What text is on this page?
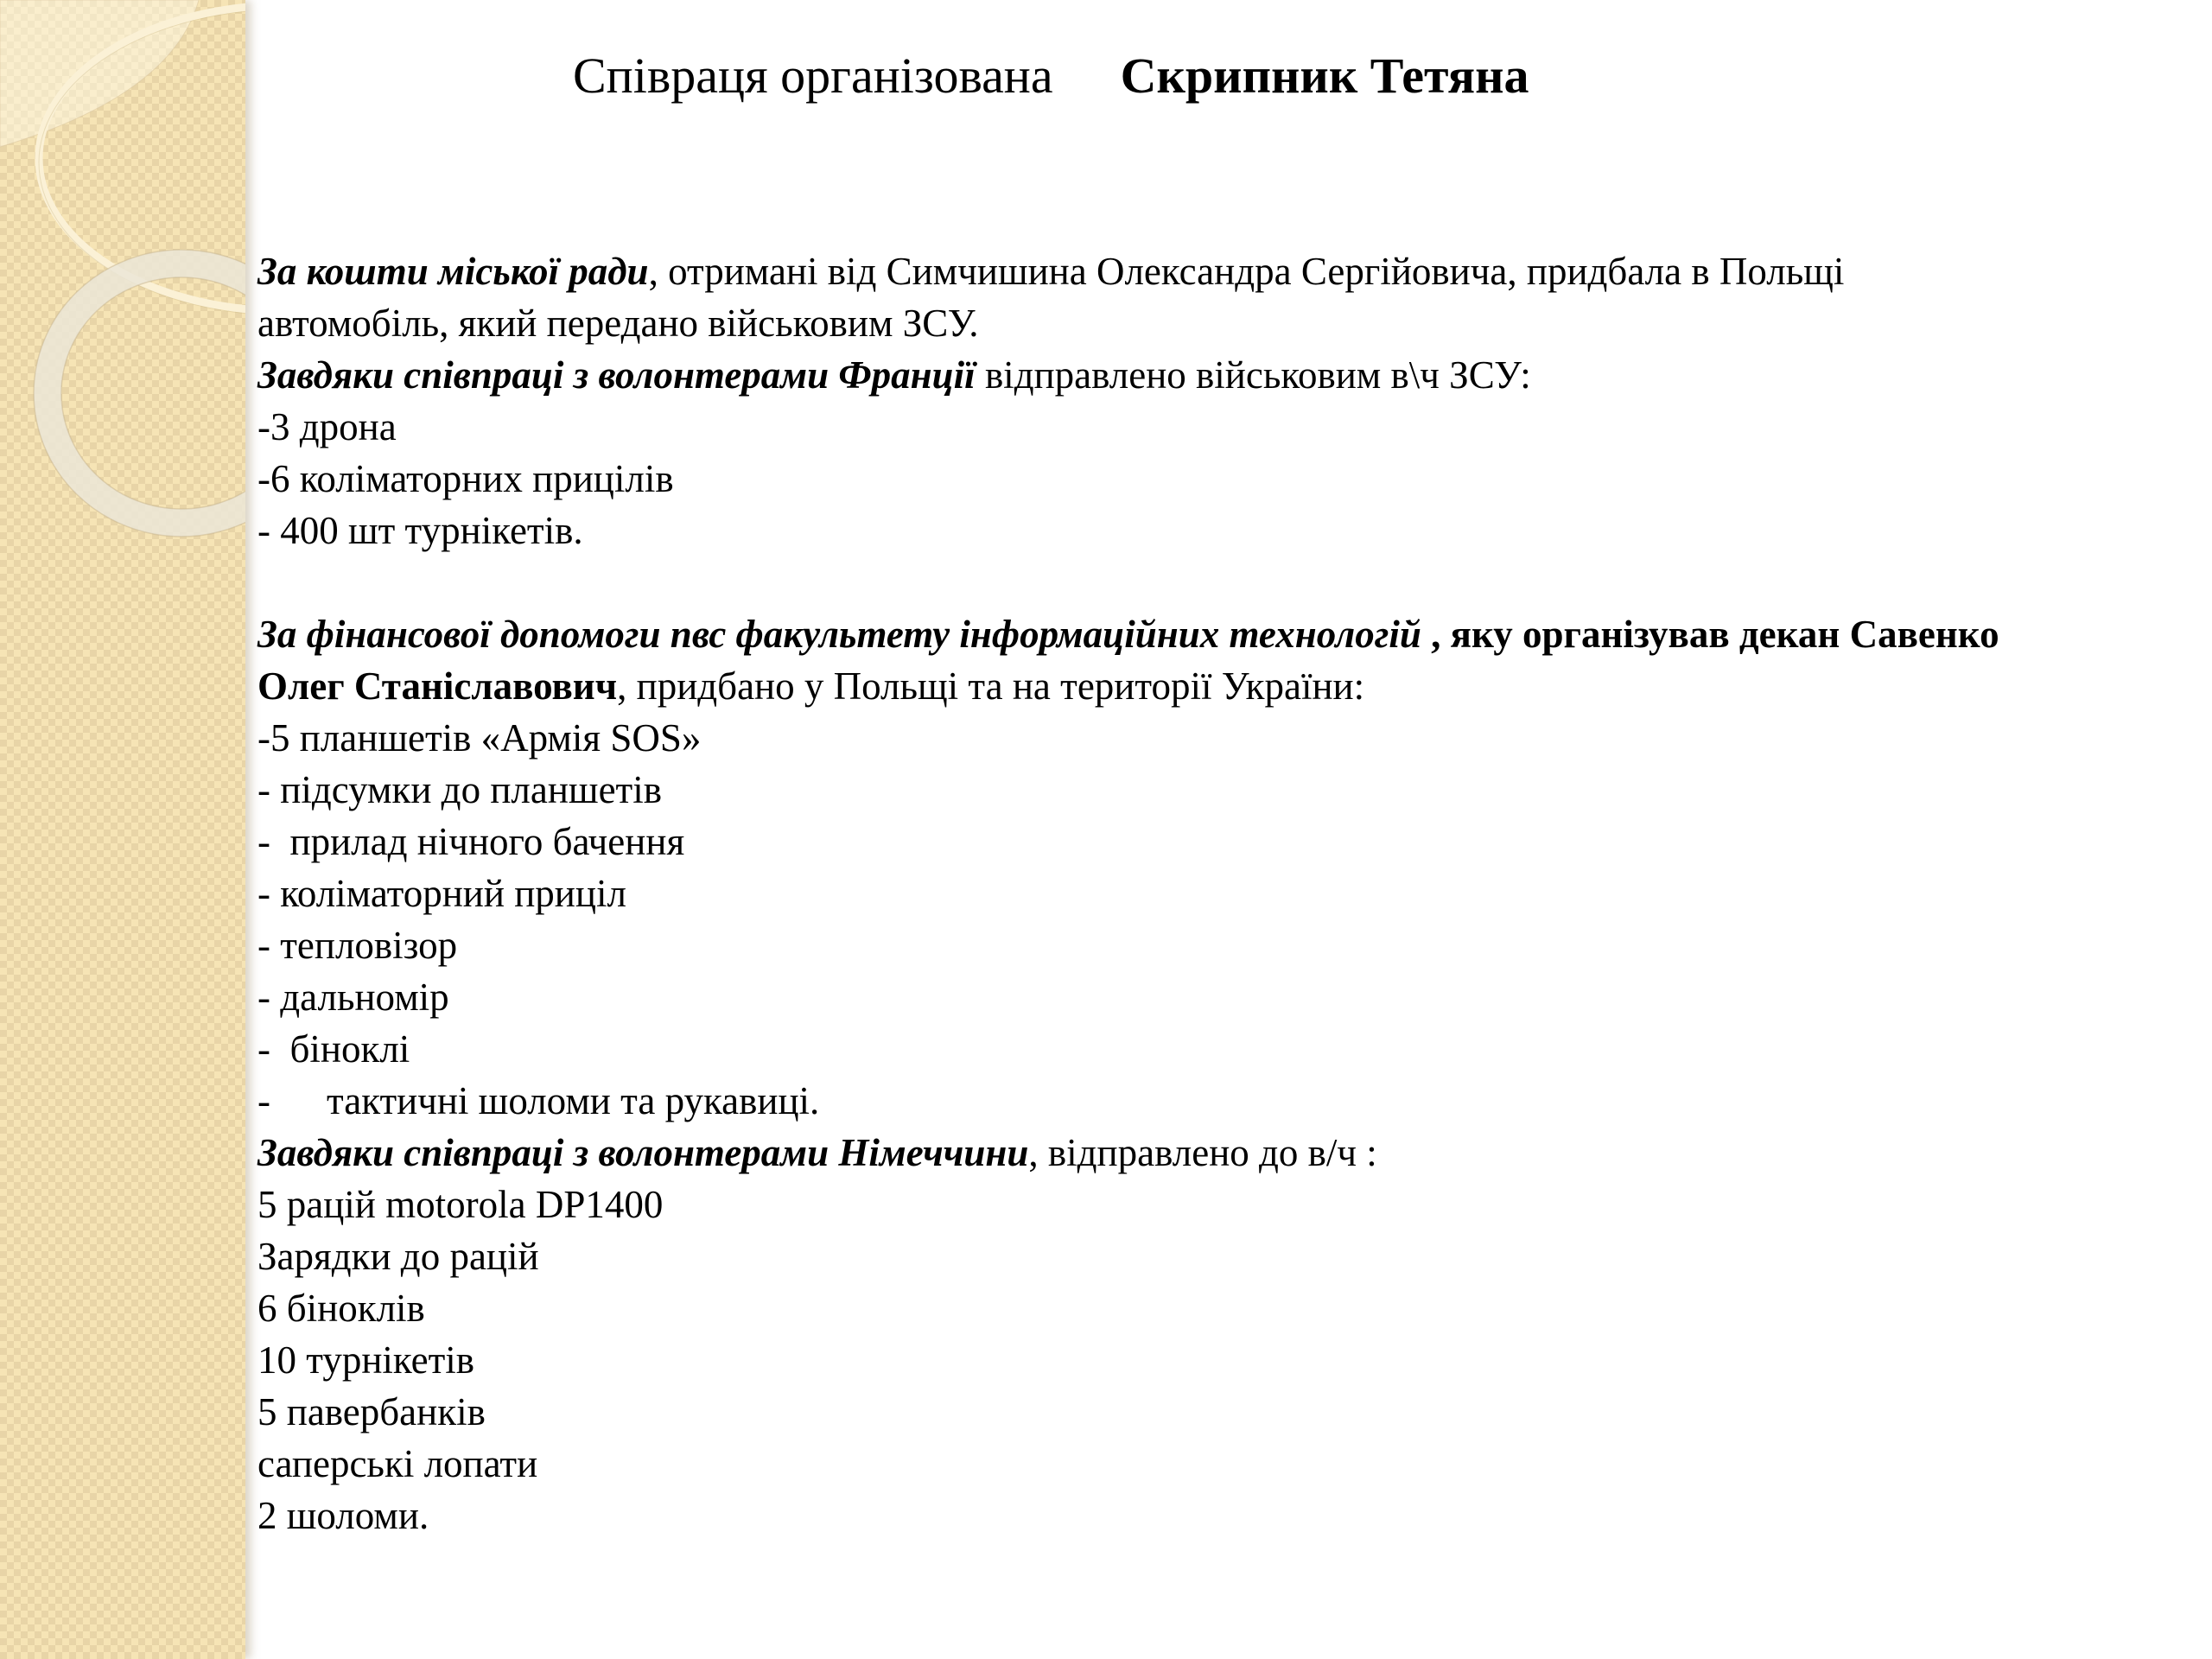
Співраця організована Скрипник Тетяна
За кошти міської ради, отримані від Симчишина Олександра Сергійовича, придбала в Польщі
автомобіль, який передано військовим ЗСУ.
Завдяки співпраці з волонтерами Франції відправлено військовим в\ч ЗСУ:
-3 дрона
-6 коліматорних прицілів
- 400 шт турнікетів.
За фінансової допомоги пвс факультету інформаційних технологій , яку організував декан Савенко
Олег Станіславович, придбано у Польщі та на території України:
-5 планшетів «Армія SOS»
- підсумки до планшетів
-  прилад нічного бачення
- коліматорний приціл
- тепловізор
- дальномір
-  біноклі
- тактичні шоломи та рукавиці.
Завдяки співпраці з волонтерами Німеччини, відправлено до в/ч :
5 рацій motorola DP1400
Зарядки до рацій
6 біноклів
10 турнікетів
5 павербанків
саперські лопати
2 шоломи.
